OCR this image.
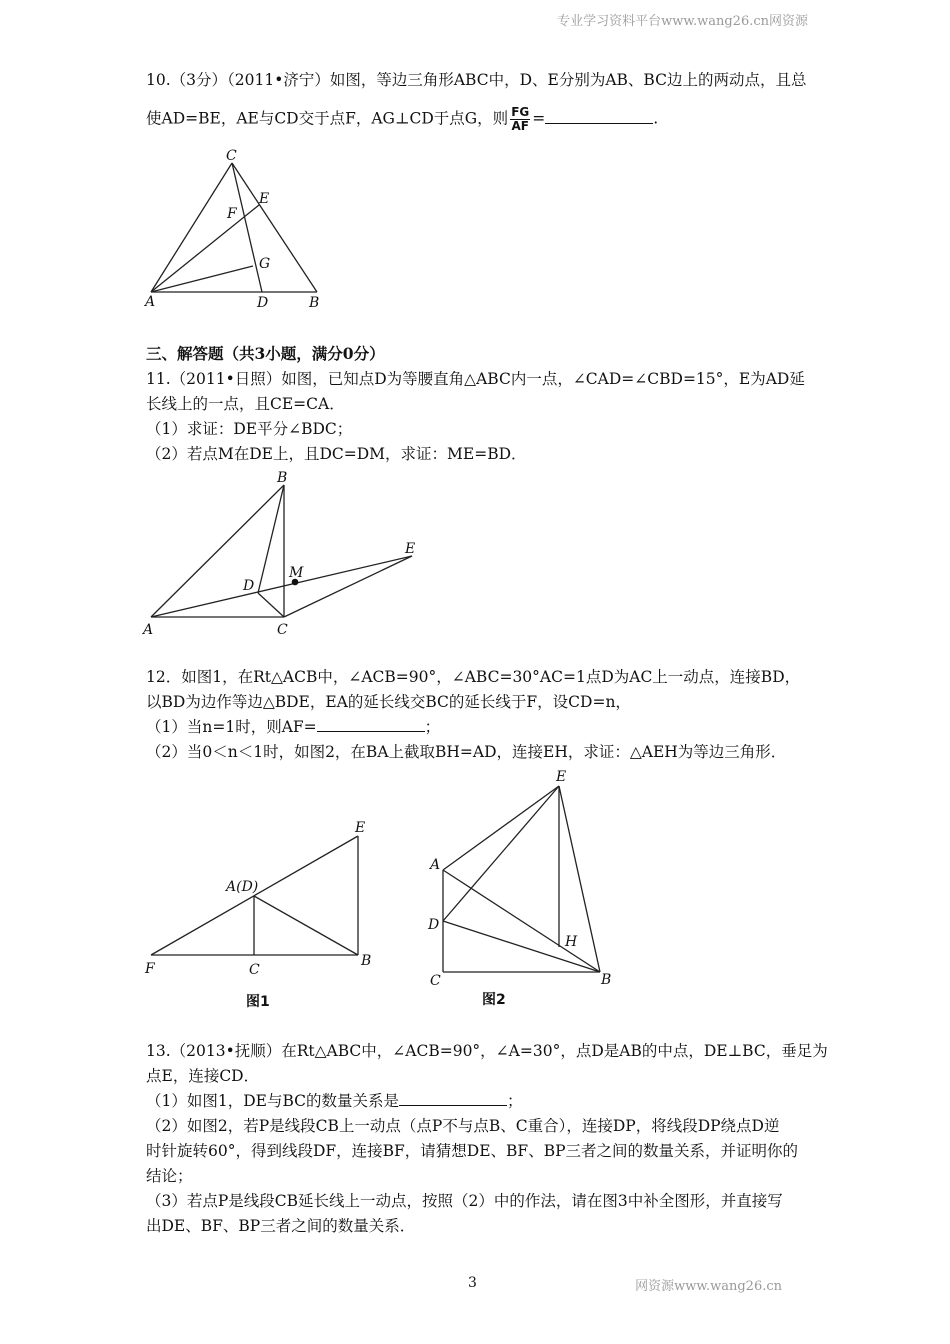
专业学习资料平台www.wang26.cn网资源
10.（3分）（2011•济宁）如图，等边三角形ABC中，D、E分别为AB、BC边上的两动点，且总
使AD=BE，AE与CD交于点F，AG⊥CD于点G，则 $\frac{FG}{AF}$ =	.
C
E
F
G
A	D	B
三、解答题（共3小题，满分0分）
11.（2011•日照）如图，已知点D为等腰直角△ABC内一点，∠CAD=∠CBD=15°，E为AD延
长线上的一点，且CE=CA．
（1）求证：DE平分∠BDC；
（2）若点M在DE上，且DC=DM，求证：ME=BD．
B
E
D
M
A	C
12．如图1，在Rt△ACB中，∠ACB=90°，∠ABC=30°AC=1点D为AC上一动点，连接BD，
以BD为边作等边△BDE，EA的延长线交BC的延长线于F，设CD=n，
（1）当n=1时，则AF=	；
（2）当0＜n＜1时，如图2，在BA上截取BH=AD，连接EH，求证：△AEH为等边三角形．
E
A(D)
F	C
B
图1
E
A
D
H
C	B
图2
13.（2013•抚顺）在Rt△ABC中，∠ACB=90°，∠A=30°，点D是AB的中点，DE⊥BC，垂足为
点E，连接CD．
（1）如图1，DE与BC的数量关系是	；
（2）如图2，若P是线段CB上一动点（点P不与点B、C重合），连接DP，将线段DP绕点D逆
时针旋转60°，得到线段DF，连接BF，请猜想DE、BF、BP三者之间的数量关系，并证明你的
结论；
（3）若点P是线段CB延长线上一动点，按照（2）中的作法，请在图3中补全图形，并直接写
出DE、BF、BP三者之间的数量关系．
3	网资源www.wang26.cn
